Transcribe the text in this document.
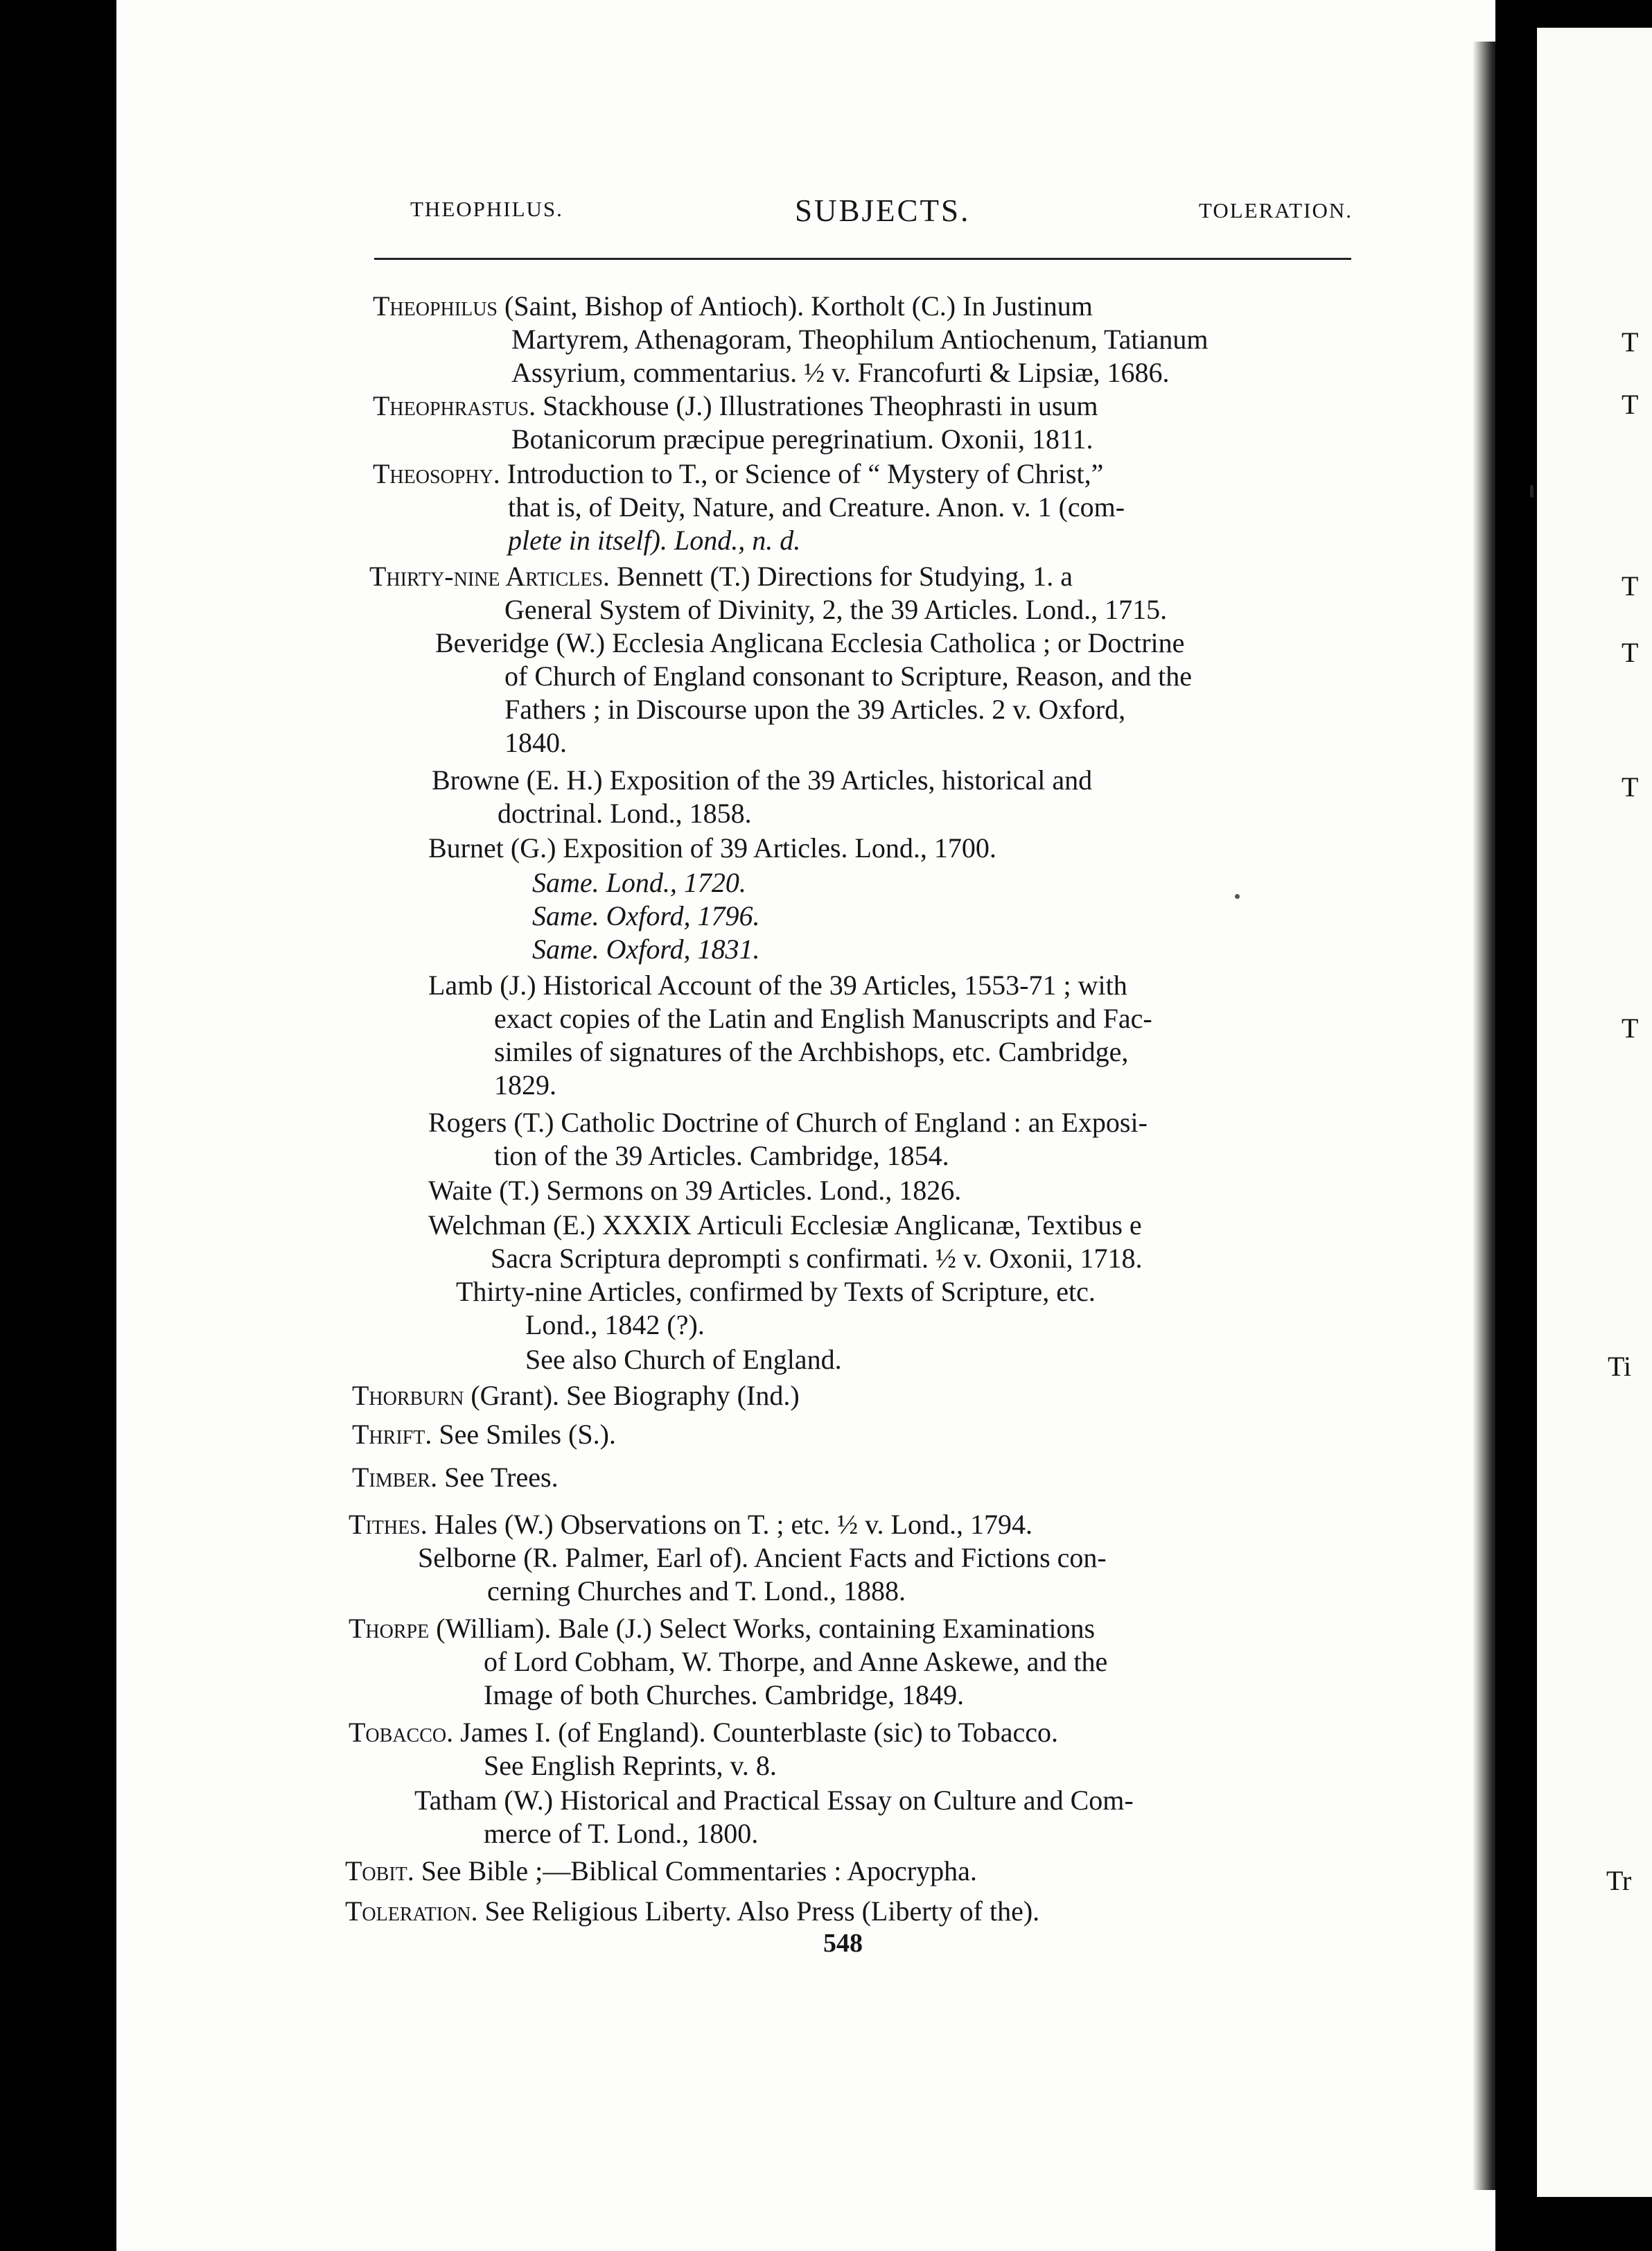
T
T
T
T
T
T
Ti
Tr
THEOPHILUS.	SUBJECTS.	TOLERATION.
Theophilus (Saint, Bishop of Antioch). Kortholt (C.) In Justinum
Martyrem, Athenagoram, Theophilum Antiochenum, Tatianum
Assyrium, commentarius. ½ v. Francofurti & Lipsiæ, 1686.
Theophrastus. Stackhouse (J.) Illustrationes Theophrasti in usum
Botanicorum præcipue peregrinatium. Oxonii, 1811.
Theosophy. Introduction to T., or Science of “ Mystery of Christ,”
that is, of Deity, Nature, and Creature. Anon. v. 1 (com-
plete in itself). Lond., n. d.
Thirty-nine Articles. Bennett (T.) Directions for Studying, 1. a
General System of Divinity, 2, the 39 Articles. Lond., 1715.
Beveridge (W.) Ecclesia Anglicana Ecclesia Catholica ; or Doctrine
of Church of England consonant to Scripture, Reason, and the
Fathers ; in Discourse upon the 39 Articles. 2 v. Oxford,
1840.
Browne (E. H.) Exposition of the 39 Articles, historical and
doctrinal. Lond., 1858.
Burnet (G.) Exposition of 39 Articles. Lond., 1700.
Same. Lond., 1720.
Same. Oxford, 1796.
Same. Oxford, 1831.
Lamb (J.) Historical Account of the 39 Articles, 1553-71 ; with
exact copies of the Latin and English Manuscripts and Fac-
similes of signatures of the Archbishops, etc. Cambridge,
1829.
Rogers (T.) Catholic Doctrine of Church of England : an Exposi-
tion of the 39 Articles. Cambridge, 1854.
Waite (T.) Sermons on 39 Articles. Lond., 1826.
Welchman (E.) XXXIX Articuli Ecclesiæ Anglicanæ, Textibus e
Sacra Scriptura deprompti s confirmati. ½ v. Oxonii, 1718.
Thirty-nine Articles, confirmed by Texts of Scripture, etc.
Lond., 1842 (?).
See also Church of England.
Thorburn (Grant). See Biography (Ind.)
Thrift. See Smiles (S.).
Timber. See Trees.
Tithes. Hales (W.) Observations on T. ; etc. ½ v. Lond., 1794.
Selborne (R. Palmer, Earl of). Ancient Facts and Fictions con-
cerning Churches and T. Lond., 1888.
Thorpe (William). Bale (J.) Select Works, containing Examinations
of Lord Cobham, W. Thorpe, and Anne Askewe, and the
Image of both Churches. Cambridge, 1849.
Tobacco. James I. (of England). Counterblaste (sic) to Tobacco.
See English Reprints, v. 8.
Tatham (W.) Historical and Practical Essay on Culture and Com-
merce of T. Lond., 1800.
Tobit. See Bible ;—Biblical Commentaries : Apocrypha.
Toleration. See Religious Liberty. Also Press (Liberty of the).
548
